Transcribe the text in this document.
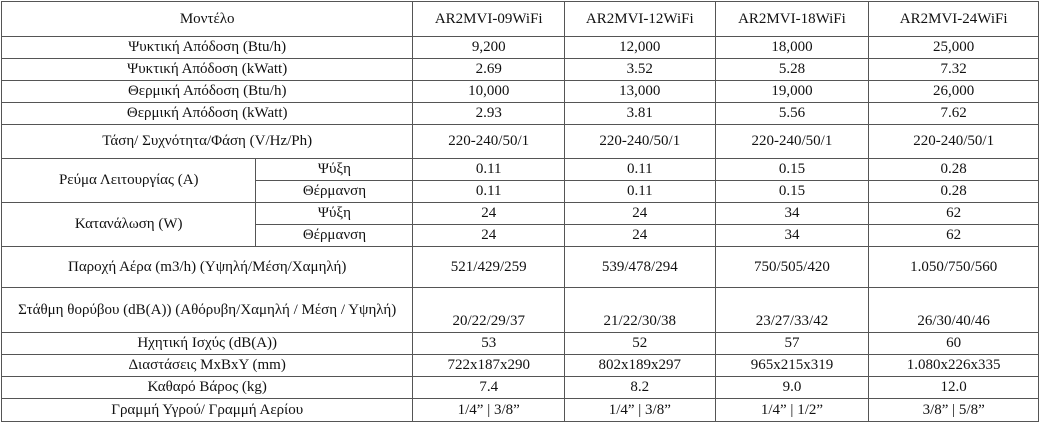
Μοντέλο		AR2MVI-09WiFi	AR2MVI-12WiFi	AR2MVI-18WiFi	AR2MVI-24WiFi
Ψυκτική Απόδοση (Btu/h)		9,200	12,000	18,000	25,000
Ψυκτική Απόδοση (kWatt)		2.69	3.52	5.28	7.32
Θερμική Απόδοση (Btu/h)		10,000	13,000	19,000	26,000
Θερμική Απόδοση (kWatt)		2.93	3.81	5.56	7.62
Τάση/ Συχνότητα/Φάση (V/Hz/Ph)		220-240/50/1	220-240/50/1	220-240/50/1	220-240/50/1
Ρεύμα Λειτουργίας (A)	Ψύξη	0.11	0.11	0.15	0.28
	Θέρμανση	0.11	0.11	0.15	0.28
Κατανάλωση (W)	Ψύξη	24	24	34	62
	Θέρμανση	24	24	34	62
Παροχή Αέρα (m3/h) (Υψηλή/Μέση/Χαμηλή)		521/429/259	539/478/294	750/505/420	1.050/750/560
Στάθμη θορύβου (dB(A)) (Αθόρυβη/Χαμηλή / Μέση / Υψηλή)		20/22/29/37	21/22/30/38	23/27/33/42	26/30/40/46
Ηχητική Ισχύς (dB(A))		53	52	57	60
Διαστάσεις ΜxΒxΥ (mm)		722x187x290	802x189x297	965x215x319	1.080x226x335
Καθαρό Βάρος (kg)		7.4	8.2	9.0	12.0
Γραμμή Υγρού/ Γραμμή Αερίου		1/4” | 3/8”	1/4” | 3/8”	1/4” | 1/2”	3/8” | 5/8”
